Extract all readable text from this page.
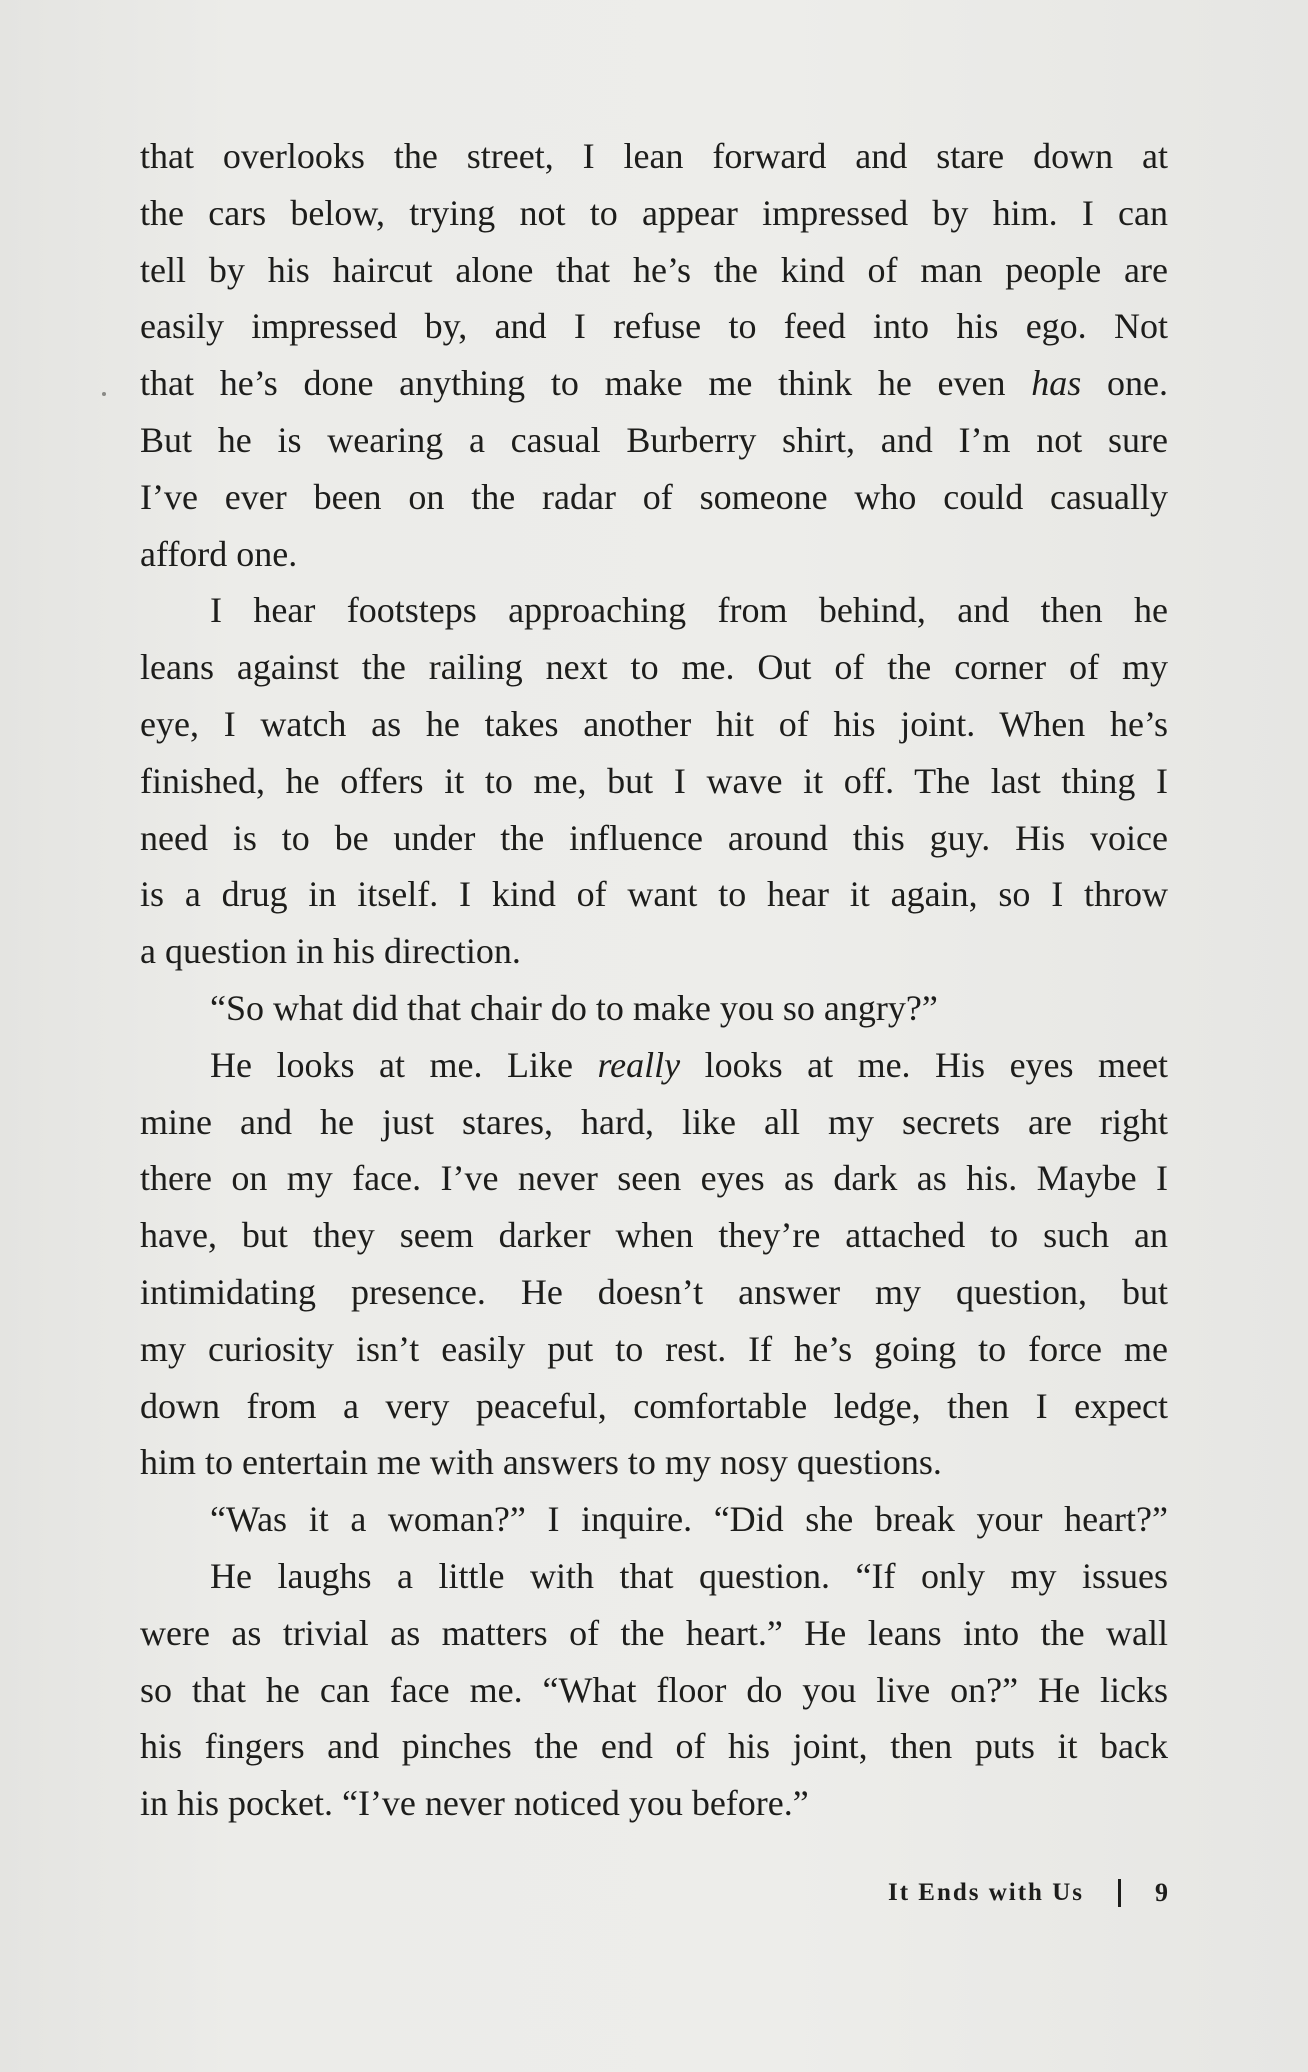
that overlooks the street, I lean forward and stare down at
the cars below, trying not to appear impressed by him. I can
tell by his haircut alone that he’s the kind of man people are
easily impressed by, and I refuse to feed into his ego. Not
that he’s done anything to make me think he even has one.
But he is wearing a casual Burberry shirt, and I’m not sure
I’ve ever been on the radar of someone who could casually
afford one.
I hear footsteps approaching from behind, and then he
leans against the railing next to me. Out of the corner of my
eye, I watch as he takes another hit of his joint. When he’s
finished, he offers it to me, but I wave it off. The last thing I
need is to be under the influence around this guy. His voice
is a drug in itself. I kind of want to hear it again, so I throw
a question in his direction.
“So what did that chair do to make you so angry?”
He looks at me. Like really looks at me. His eyes meet
mine and he just stares, hard, like all my secrets are right
there on my face. I’ve never seen eyes as dark as his. Maybe I
have, but they seem darker when they’re attached to such an
intimidating presence. He doesn’t answer my question, but
my curiosity isn’t easily put to rest. If he’s going to force me
down from a very peaceful, comfortable ledge, then I expect
him to entertain me with answers to my nosy questions.
“Was it a woman?” I inquire. “Did she break your heart?”
He laughs a little with that question. “If only my issues
were as trivial as matters of the heart.” He leans into the wall
so that he can face me. “What floor do you live on?” He licks
his fingers and pinches the end of his joint, then puts it back
in his pocket. “I’ve never noticed you before.”
It Ends with Us	9
